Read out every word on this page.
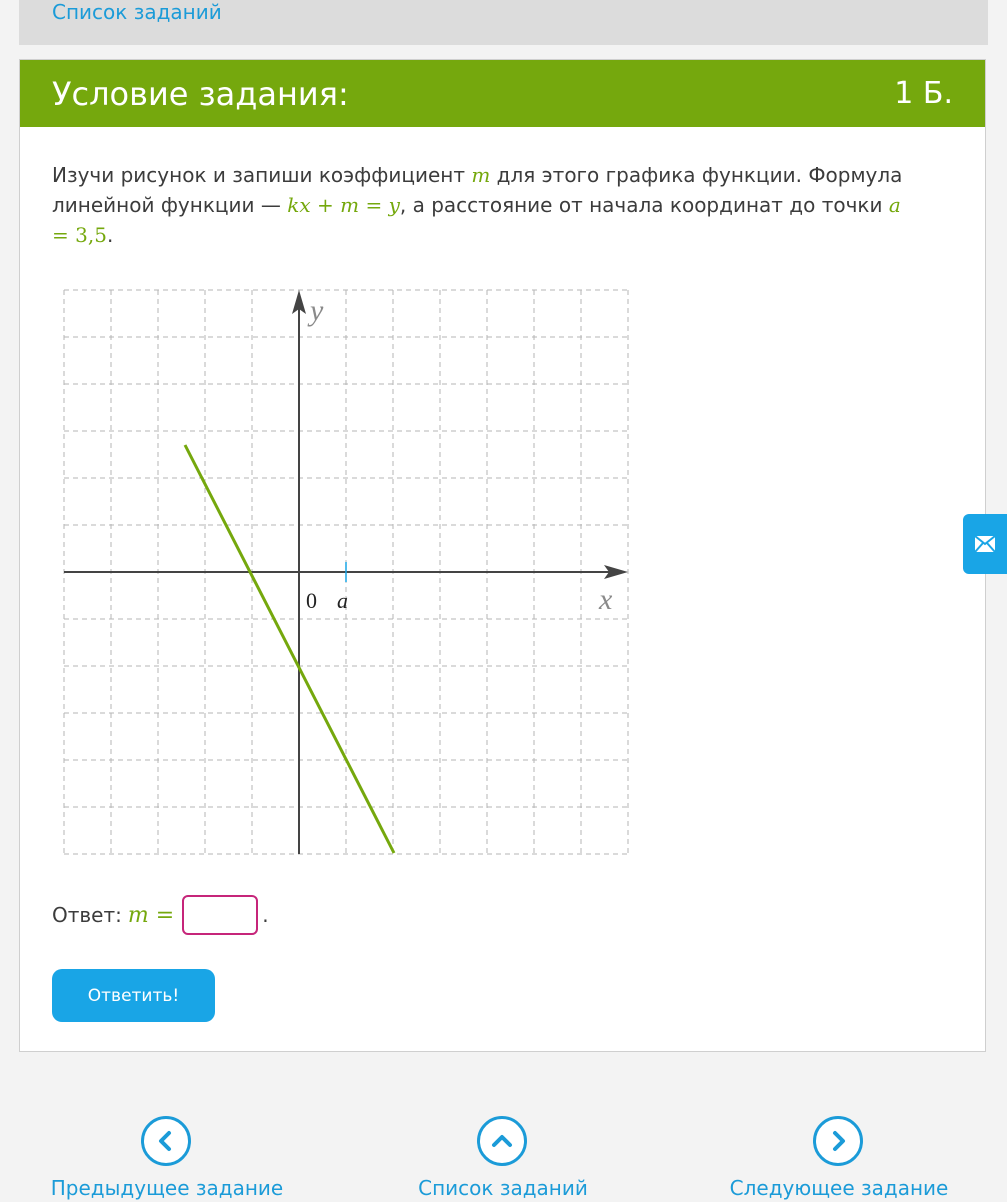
Список заданий
Условие задания:	1 Б.
Изучи рисунок и запиши коэффициент m для этого графика функции. Формула линейной функции — kx + m = y, а расстояние от начала координат до точки a = 3,5.
0 a	x
y
Ответ: m =	.
Ответить!
Предыдущее задание	Список заданий	Следующее задание
